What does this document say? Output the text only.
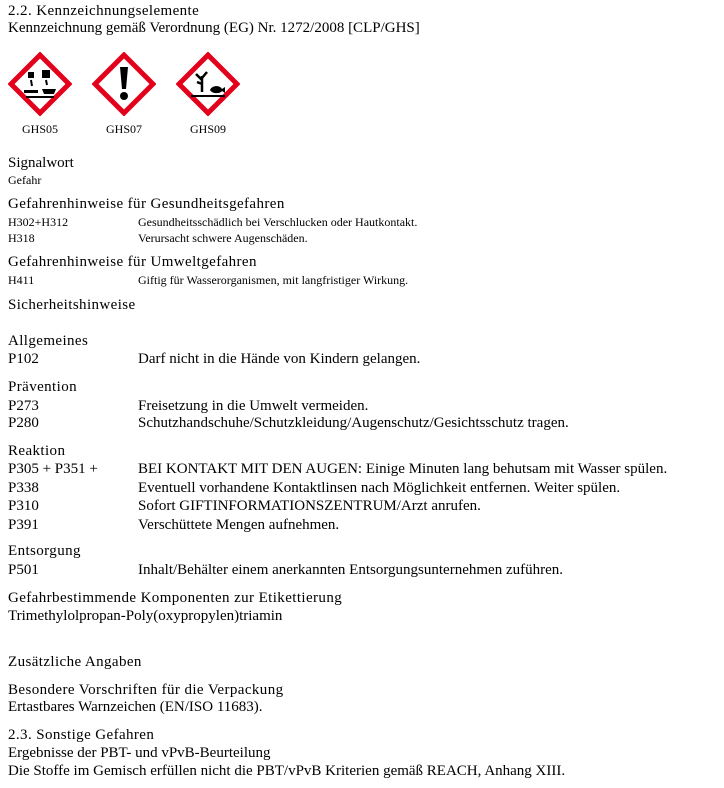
2.2. Kennzeichnungselemente
Kennzeichnung gemäß Verordnung (EG) Nr. 1272/2008 [CLP/GHS]
GHS05	GHS07	GHS09
Signalwort
Gefahr
Gefahrenhinweise für Gesundheitsgefahren
H302+H312	Gesundheitsschädlich bei Verschlucken oder Hautkontakt.
H318	Verursacht schwere Augenschäden.
Gefahrenhinweise für Umweltgefahren
H411	Giftig für Wasserorganismen, mit langfristiger Wirkung.
Sicherheitshinweise
Allgemeines
P102	Darf nicht in die Hände von Kindern gelangen.
Prävention
P273	Freisetzung in die Umwelt vermeiden.
P280	Schutzhandschuhe/Schutzkleidung/Augenschutz/Gesichtsschutz tragen.
Reaktion
P305 + P351 +	BEI KONTAKT MIT DEN AUGEN: Einige Minuten lang behutsam mit Wasser spülen.
P338	Eventuell vorhandene Kontaktlinsen nach Möglichkeit entfernen. Weiter spülen.
P310	Sofort GIFTINFORMATIONSZENTRUM/Arzt anrufen.
P391	Verschüttete Mengen aufnehmen.
Entsorgung
P501	Inhalt/Behälter einem anerkannten Entsorgungsunternehmen zuführen.
Gefahrbestimmende Komponenten zur Etikettierung
Trimethylolpropan-Poly(oxypropylen)triamin
Zusätzliche Angaben
Besondere Vorschriften für die Verpackung
Ertastbares Warnzeichen (EN/ISO 11683).
2.3. Sonstige Gefahren
Ergebnisse der PBT- und vPvB-Beurteilung
Die Stoffe im Gemisch erfüllen nicht die PBT/vPvB Kriterien gemäß REACH, Anhang XIII.
